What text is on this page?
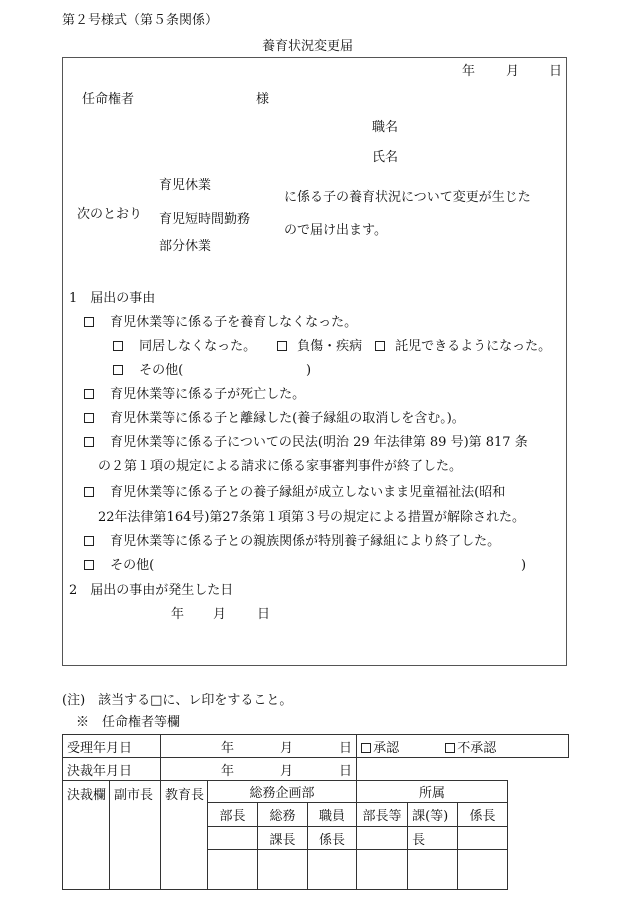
第２号様式（第５条関係）
養育状況変更届
年 月 日
任命権者	様
職名
氏名
次のとおり
育児休業
育児短時間勤務
部分休業
に係る子の養育状況について変更が生じた
ので届け出ます。
1　届出の事由
育児休業等に係る子を養育しなくなった。
同居しなくなった。	負傷・疾病	託児できるようになった。
その他(	)
育児休業等に係る子が死亡した。
育児休業等に係る子と離縁した(養子縁組の取消しを含む。)。
育児休業等に係る子についての民法(明治 29 年法律第 89 号)第 817 条
の２第１項の規定による請求に係る家事審判事件が終了した。
育児休業等に係る子との養子縁組が成立しないまま児童福祉法(昭和
22年法律第164号)第27条第１項第３号の規定による措置が解除された。
育児休業等に係る子との親族関係が特別養子縁組により終了した。
その他(	)
2　届出の事由が発生した日
年 月 日
(注)　該当する□に、レ印をすること。
※　任命権者等欄
受理年月日		年 月 日				承認 不承認			
決裁年月日		年 月 日							
決裁欄	副市長	教育長	総務企画部			所属			
			部長	総務	職員	部長等	課(等)	係長	
				課長	係長		長		
